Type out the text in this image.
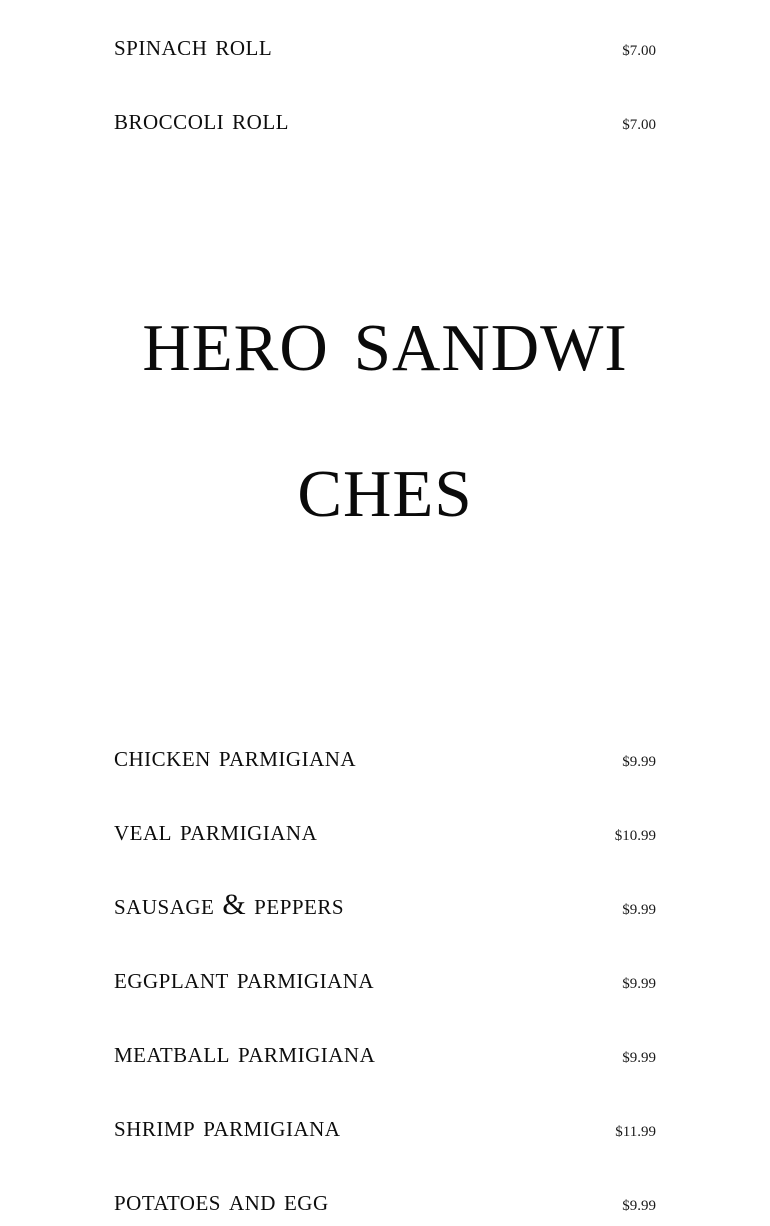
spinach roll	$7.00
broccoli roll	$7.00
hero sandwiches
chicken parmigiana	$9.99
veal parmigiana	$10.99
sausage & peppers	$9.99
eggplant parmigiana	$9.99
meatball parmigiana	$9.99
shrimp parmigiana	$11.99
potatoes and egg	$9.99
